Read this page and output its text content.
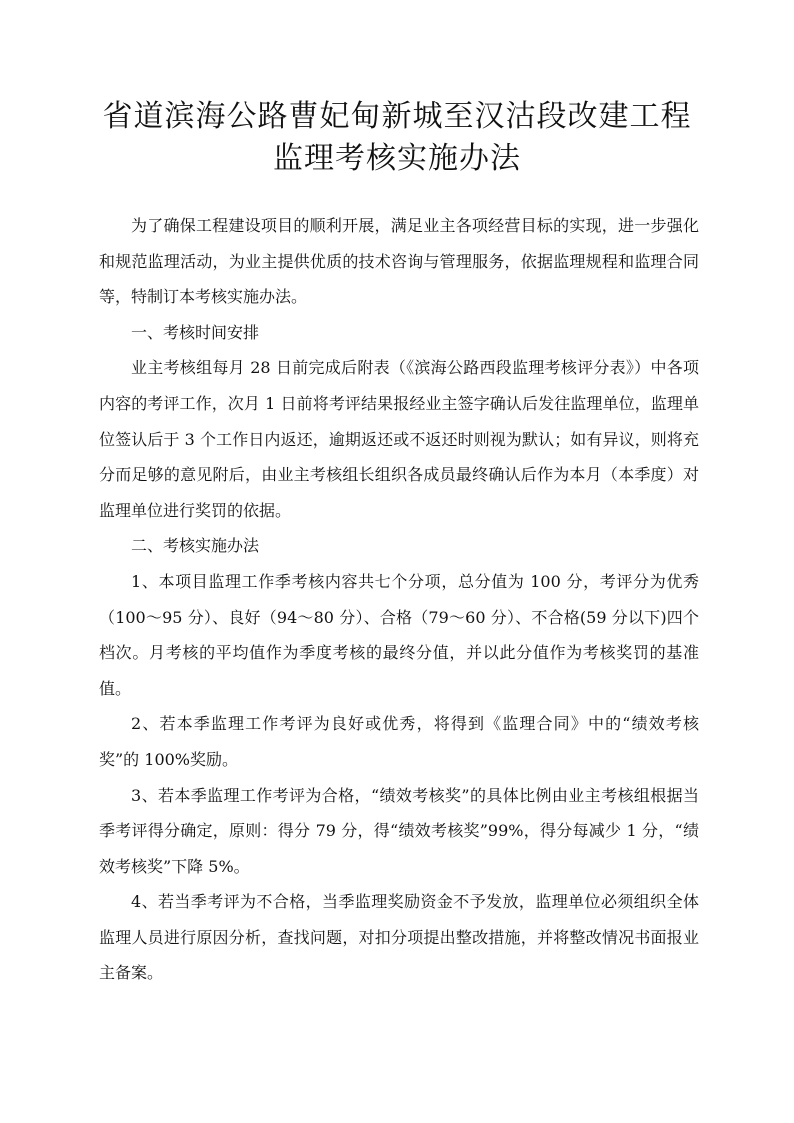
省道滨海公路曹妃甸新城至汉沽段改建工程
监理考核实施办法

为了确保工程建设项目的顺利开展，满足业主各项经营目标的实现，进一步强化和规范监理活动，为业主提供优质的技术咨询与管理服务，依据监理规程和监理合同等，特制订本考核实施办法。

一、考核时间安排

业主考核组每月 28 日前完成后附表（《滨海公路西段监理考核评分表》）中各项内容的考评工作，次月 1 日前将考评结果报经业主签字确认后发往监理单位，监理单位签认后于 3 个工作日内返还，逾期返还或不返还时则视为默认；如有异议，则将充分而足够的意见附后，由业主考核组长组织各成员最终确认后作为本月（本季度）对监理单位进行奖罚的依据。

二、考核实施办法

1、本项目监理工作季考核内容共七个分项，总分值为 100 分，考评分为优秀（100～95 分）、良好（94～80 分）、合格（79～60 分）、不合格(59 分以下)四个档次。月考核的平均值作为季度考核的最终分值，并以此分值作为考核奖罚的基准值。

2、若本季监理工作考评为良好或优秀，将得到《监理合同》中的“绩效考核奖”的 100%奖励。

3、若本季监理工作考评为合格，“绩效考核奖”的具体比例由业主考核组根据当季考评得分确定，原则：得分 79 分，得“绩效考核奖”99%，得分每减少 1 分，“绩效考核奖”下降 5%。

4、若当季考评为不合格，当季监理奖励资金不予发放，监理单位必须组织全体监理人员进行原因分析，查找问题，对扣分项提出整改措施，并将整改情况书面报业主备案。
